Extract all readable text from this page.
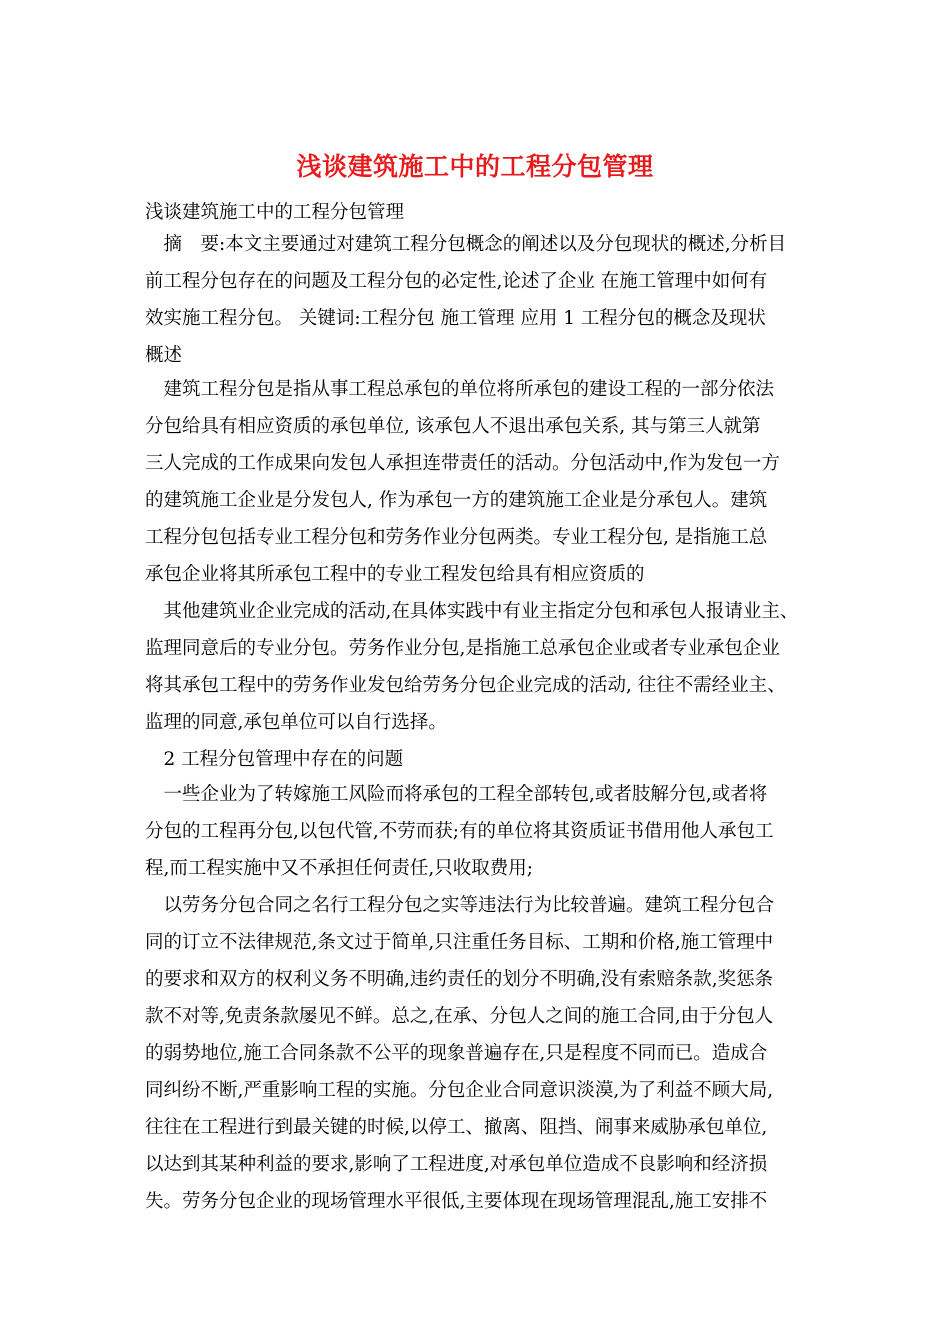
浅谈建筑施工中的工程分包管理
浅谈建筑施工中的工程分包管理
　摘　要:本文主要通过对建筑工程分包概念的阐述以及分包现状的概述,分析目
前工程分包存在的问题及工程分包的必定性,论述了企业 在施工管理中如何有
效实施工程分包。 关键词:工程分包 施工管理 应用 1 工程分包的概念及现状
概述
　建筑工程分包是指从事工程总承包的单位将所承包的建设工程的一部分依法
分包给具有相应资质的承包单位, 该承包人不退出承包关系, 其与第三人就第
三人完成的工作成果向发包人承担连带责任的活动。分包活动中,作为发包一方
的建筑施工企业是分发包人, 作为承包一方的建筑施工企业是分承包人。建筑
工程分包包括专业工程分包和劳务作业分包两类。专业工程分包, 是指施工总
承包企业将其所承包工程中的专业工程发包给具有相应资质的
　其他建筑业企业完成的活动,在具体实践中有业主指定分包和承包人报请业主、
监理同意后的专业分包。劳务作业分包,是指施工总承包企业或者专业承包企业
将其承包工程中的劳务作业发包给劳务分包企业完成的活动, 往往不需经业主、
监理的同意,承包单位可以自行选择。
　2 工程分包管理中存在的问题
　一些企业为了转嫁施工风险而将承包的工程全部转包,或者肢解分包,或者将
分包的工程再分包,以包代管,不劳而获;有的单位将其资质证书借用他人承包工
程,而工程实施中又不承担任何责任,只收取费用;
　以劳务分包合同之名行工程分包之实等违法行为比较普遍。建筑工程分包合
同的订立不法律规范,条文过于简单,只注重任务目标、工期和价格,施工管理中
的要求和双方的权利义务不明确,违约责任的划分不明确,没有索赔条款,奖惩条
款不对等,免责条款屡见不鲜。总之,在承、分包人之间的施工合同,由于分包人
的弱势地位,施工合同条款不公平的现象普遍存在,只是程度不同而已。造成合
同纠纷不断,严重影响工程的实施。分包企业合同意识淡漠,为了利益不顾大局,
往往在工程进行到最关键的时候,以停工、撤离、阻挡、闹事来威胁承包单位,
以达到其某种利益的要求,影响了工程进度,对承包单位造成不良影响和经济损
失。劳务分包企业的现场管理水平很低,主要体现在现场管理混乱,施工安排不
